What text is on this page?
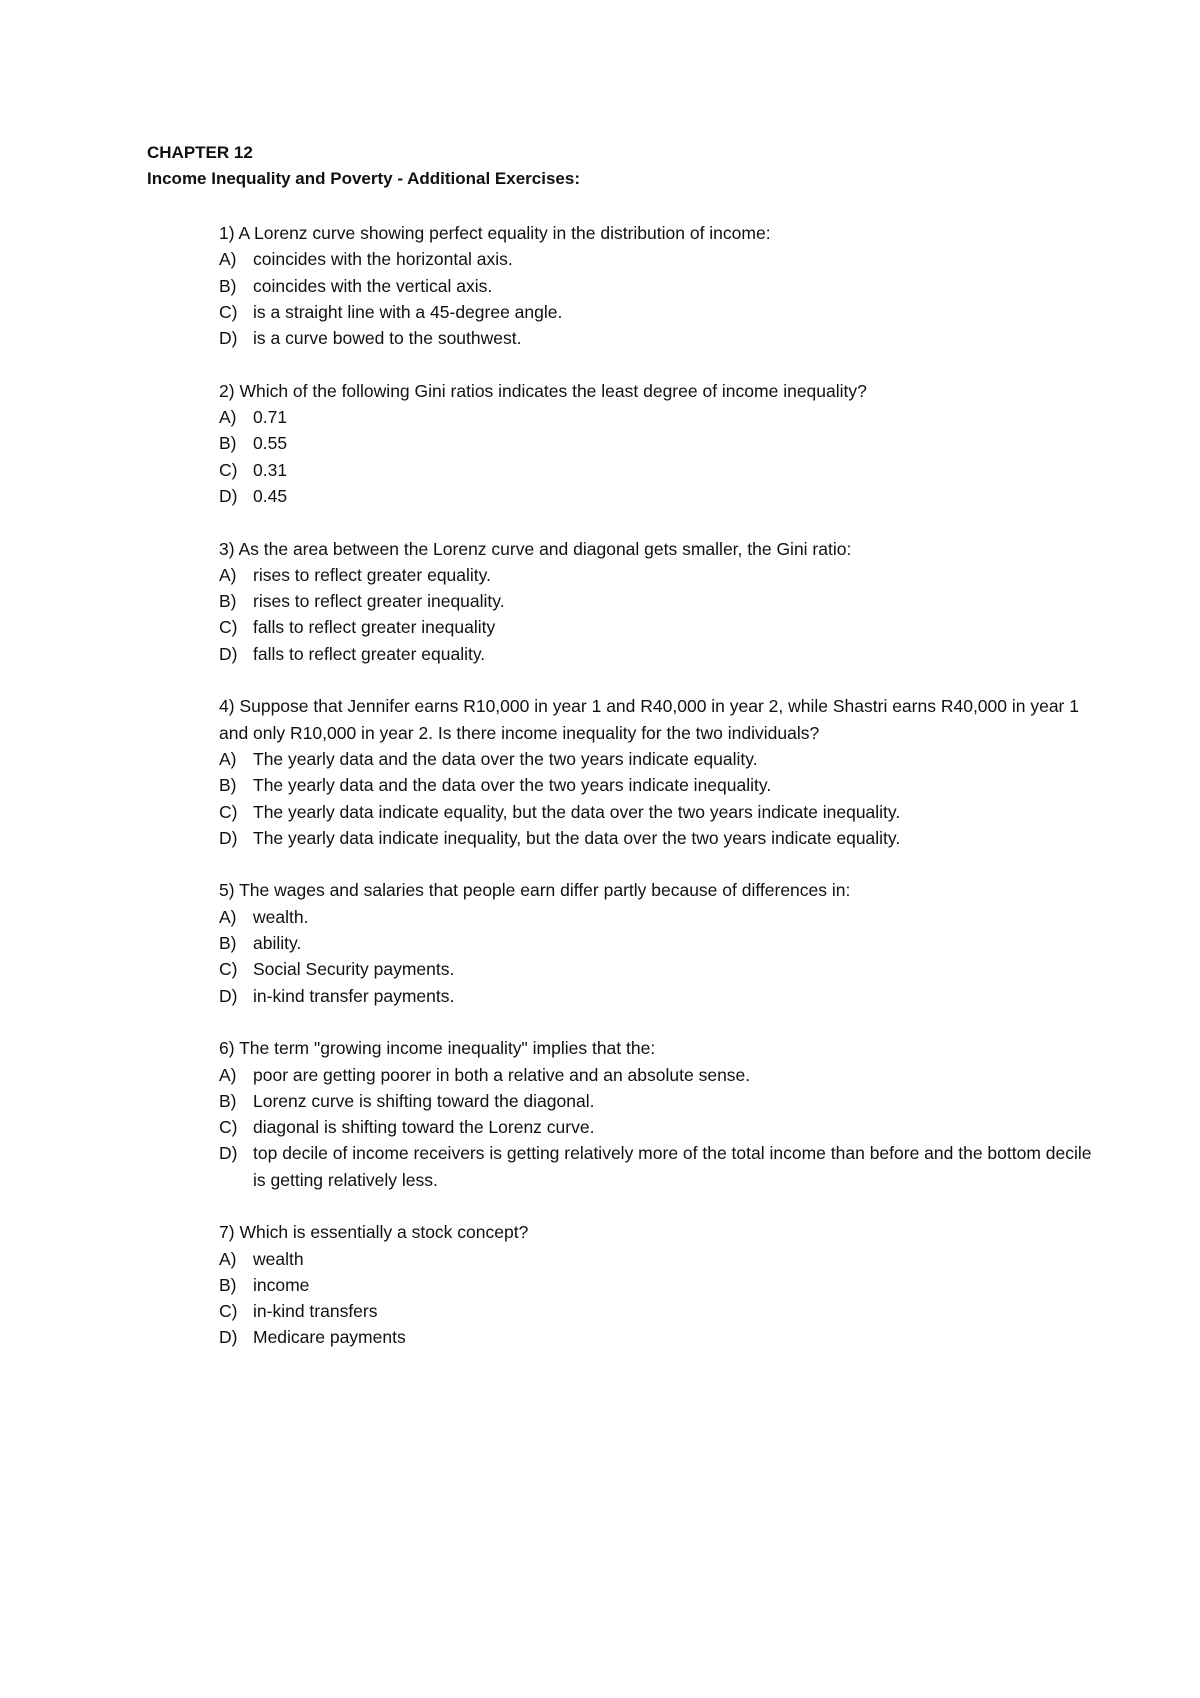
CHAPTER 12
Income Inequality and Poverty - Additional Exercises:

1) A Lorenz curve showing perfect equality in the distribution of income:

A) coincides with the horizontal axis.
B) coincides with the vertical axis.
C) is a straight line with a 45-degree angle.
D) is a curve bowed to the southwest.

2) Which of the following Gini ratios indicates the least degree of income inequality?

A) 0.71
B) 0.55
C) 0.31
D) 0.45

3) As the area between the Lorenz curve and diagonal gets smaller, the Gini ratio:

A) rises to reflect greater equality.
B) rises to reflect greater inequality.
C) falls to reflect greater inequality
D) falls to reflect greater equality.

4) Suppose that Jennifer earns R10,000 in year 1 and R40,000 in year 2, while Shastri earns R40,000 in year 1 and only R10,000 in year 2. Is there income inequality for the two individuals?

A) The yearly data and the data over the two years indicate equality.
B) The yearly data and the data over the two years indicate inequality.
C) The yearly data indicate equality, but the data over the two years indicate inequality.
D) The yearly data indicate inequality, but the data over the two years indicate equality.

5) The wages and salaries that people earn differ partly because of differences in:

A) wealth.
B) ability.
C) Social Security payments.
D) in-kind transfer payments.

6) The term "growing income inequality" implies that the:

A) poor are getting poorer in both a relative and an absolute sense.
B) Lorenz curve is shifting toward the diagonal.
C) diagonal is shifting toward the Lorenz curve.
D) top decile of income receivers is getting relatively more of the total income than before and the bottom decile is getting relatively less.

7) Which is essentially a stock concept?

A) wealth
B) income
C) in-kind transfers
D) Medicare payments
